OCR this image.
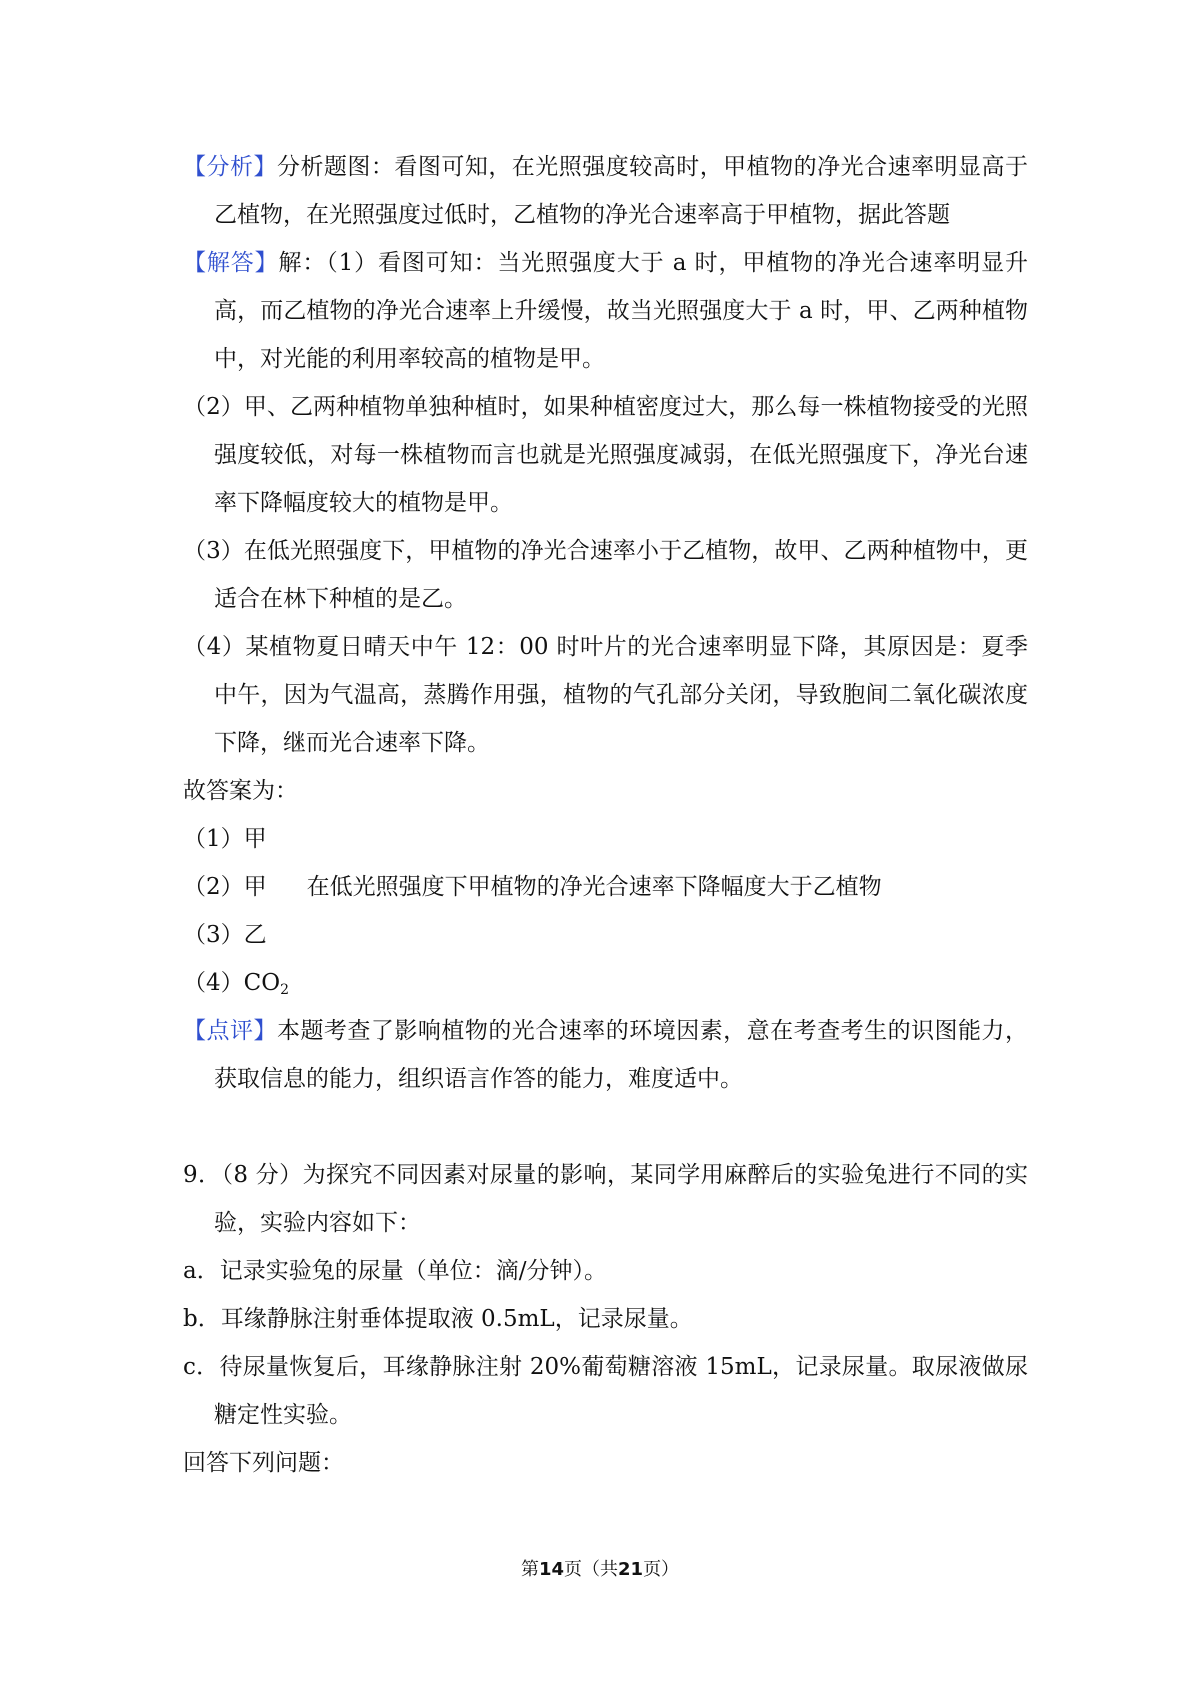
【分析】分析题图：看图可知，在光照强度较高时，甲植物的净光合速率明显高于乙植物，在光照强度过低时，乙植物的净光合速率高于甲植物，据此答题

【解答】解：（1）看图可知：当光照强度大于 a 时，甲植物的净光合速率明显升高，而乙植物的净光合速率上升缓慢，故当光照强度大于 a 时，甲、乙两种植物中，对光能的利用率较高的植物是甲。

（2）甲、乙两种植物单独种植时，如果种植密度过大，那么每一株植物接受的光照强度较低，对每一株植物而言也就是光照强度减弱，在低光照强度下，净光台速率下降幅度较大的植物是甲。

（3）在低光照强度下，甲植物的净光合速率小于乙植物，故甲、乙两种植物中，更适合在林下种植的是乙。

（4）某植物夏日晴天中午 12：00 时叶片的光合速率明显下降，其原因是：夏季中午，因为气温高，蒸腾作用强，植物的气孔部分关闭，导致胞间二氧化碳浓度下降，继而光合速率下降。

故答案为：

（1）甲

（2）甲 在低光照强度下甲植物的净光合速率下降幅度大于乙植物

（3）乙

$(4)CO_2$

【点评】本题考查了影响植物的光合速率的环境因素，意在考查考生的识图能力，获取信息的能力，组织语言作答的能力，难度适中。

9．（8 分）为探究不同因素对尿量的影响，某同学用麻醉后的实验兔进行不同的实验，实验内容如下：

a．记录实验兔的尿量（单位：滴/分钟）。

b．耳缘静脉注射垂体提取液 0.5mL，记录尿量。

c．待尿量恢复后，耳缘静脉注射 20%葡萄糖溶液 15mL，记录尿量。取尿液做尿糖定性实验。

回答下列问题：

第14页（共21页）
